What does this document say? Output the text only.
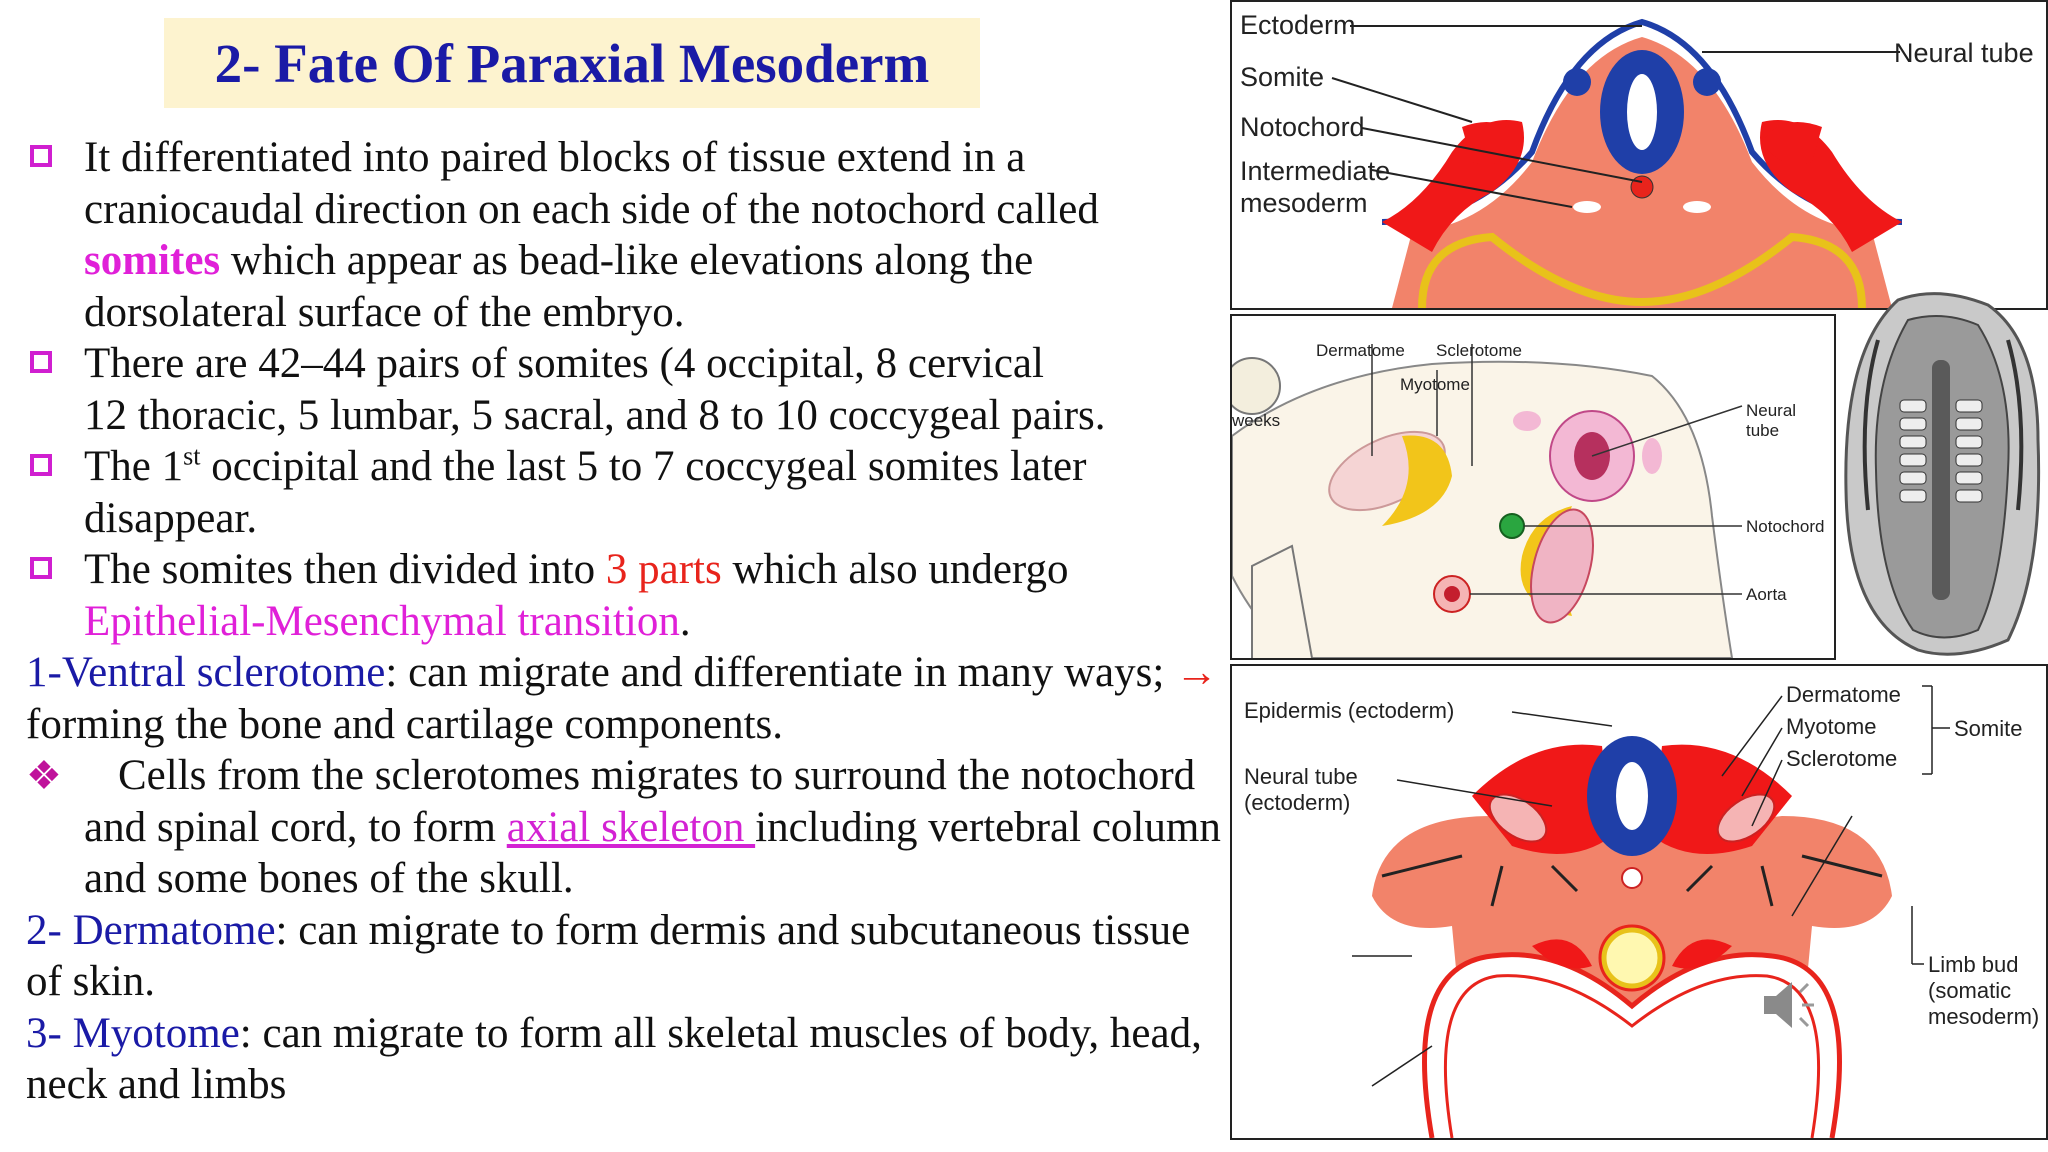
2- Fate Of Paraxial Mesoderm
It differentiated into paired blocks of tissue extend in a craniocaudal direction on each side of the notochord called somites which appear as bead-like elevations along the dorsolateral surface of the embryo.
There are 42–44 pairs of somites (4 occipital, 8 cervical
12 thoracic, 5 lumbar, 5 sacral, and 8 to 10 coccygeal pairs.
The 1st occipital and the last 5 to 7 coccygeal somites later disappear.
The somites then divided into 3 parts which also undergo
Epithelial-Mesenchymal transition.
1-Ventral sclerotome: can migrate and differentiate in many ways; → forming the bone and cartilage components.
❖ Cells from the sclerotomes migrates to surround the notochord and spinal cord, to form axial skeleton including vertebral column and some bones of the skull.
2- Dermatome: can migrate to form dermis and subcutaneous tissue of skin.
3- Myotome: can migrate to form all skeletal muscles of body, head, neck and limbs
Ectoderm
Somite
Notochord
Intermediate
mesoderm
Neural tube
weeks
Dermatome Sclerotome
Myotome
Neural
tube
Notochord
Aorta
Epidermis (ectoderm)
Neural tube
(ectoderm)
Dermatome
Myotome
Sclerotome
Somite
Limb bud
(somatic
mesoderm)
